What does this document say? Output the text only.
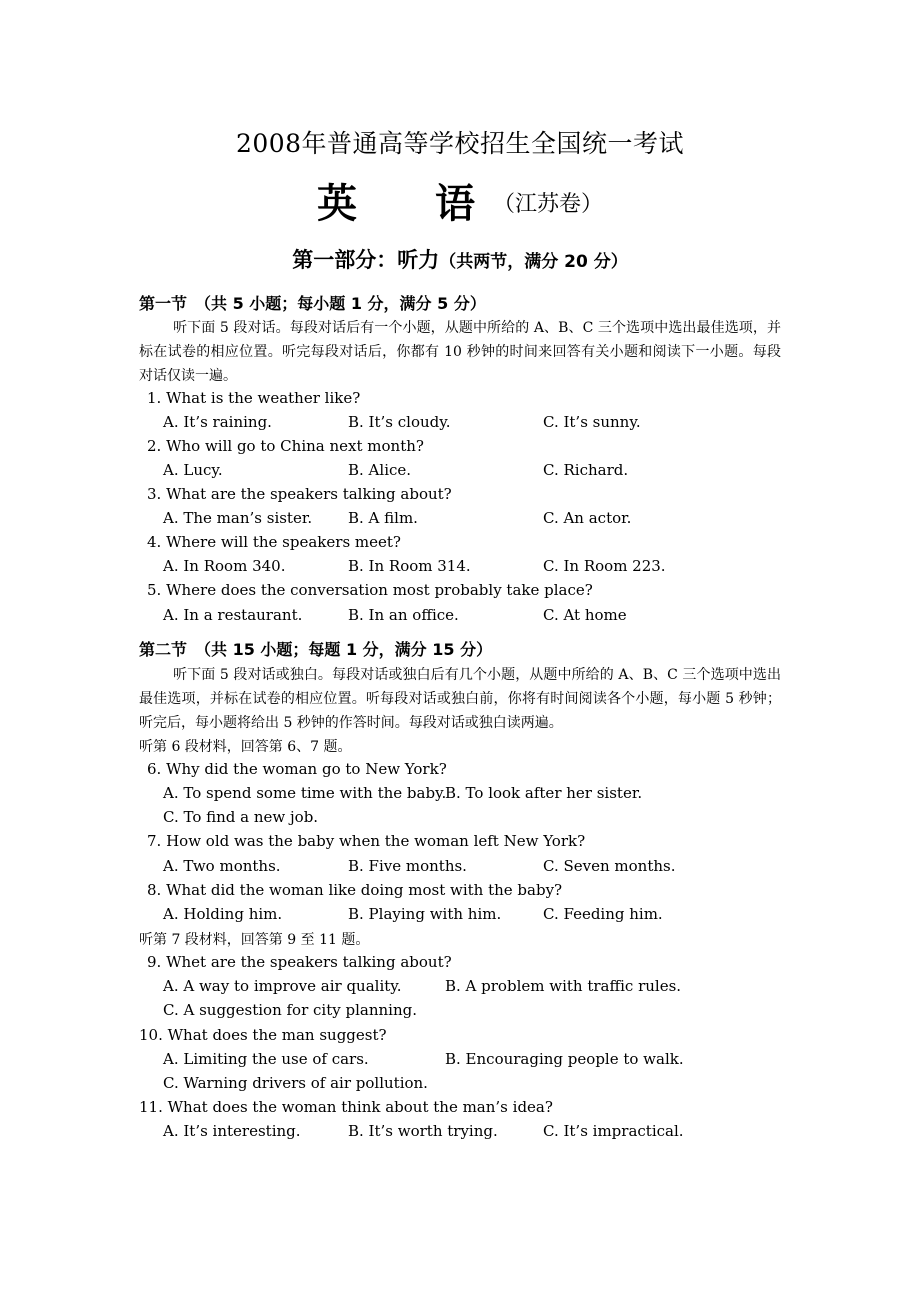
2008年普通高等学校招生全国统一考试
英 语 $^{(江苏卷)}$
第一部分：听力（共两节，满分 20 分）
第一节　（共 5 小题；每小题 1 分，满分 5 分）
听下面 5 段对话。每段对话后有一个小题，从题中所给的 A、B、C 三个选项中选出最佳选项，并标在试卷的相应位置。听完每段对话后，你都有 10 秒钟的时间来回答有关小题和阅读下一小题。每段对话仅读一遍。
1. What is the weather like?
A. It’s raining.	B. It’s cloudy.	C. It’s sunny.
2. Who will go to China next month?
A. Lucy.	B. Alice.	C. Richard.
3. What are the speakers talking about?
A. The man’s sister. B. A film.	C. An actor.
4. Where will the speakers meet?
A. In Room 340.	B. In Room 314.	C. In Room 223.
5. Where does the conversation most probably take place?
A. In a restaurant.	B. In an office.	C. At home
第二节　（共 15 小题；每题 1 分，满分 15 分）
听下面 5 段对话或独白。每段对话或独白后有几个小题，从题中所给的 A、B、C 三个选项中选出最佳选项，并标在试卷的相应位置。听每段对话或独白前，你将有时间阅读各个小题，每小题 5 秒钟；听完后，每小题将给出 5 秒钟的作答时间。每段对话或独白读两遍。
听第 6 段材料，回答第 6、7 题。
6. Why did the woman go to New York?
A. To spend some time with the baby.
B. To look after her sister.
C. To find a new job.
7. How old was the baby when the woman left New York?
A. Two months.	B. Five months.	C. Seven months.
8. What did the woman like doing most with the baby?
A. Holding him.	B. Playing with him.	C. Feeding him.
听第 7 段材料，回答第 9 至 11 题。
9. Whet are the speakers talking about?
A. A way to improve air quality.	B. A problem with traffic rules.
C. A suggestion for city planning.
10. What does the man suggest?
A. Limiting the use of cars.	B. Encouraging people to walk.
C. Warning drivers of air pollution.
11. What does the woman think about the man’s idea?
A. It’s interesting.	B. It’s worth trying.	C. It’s impractical.
